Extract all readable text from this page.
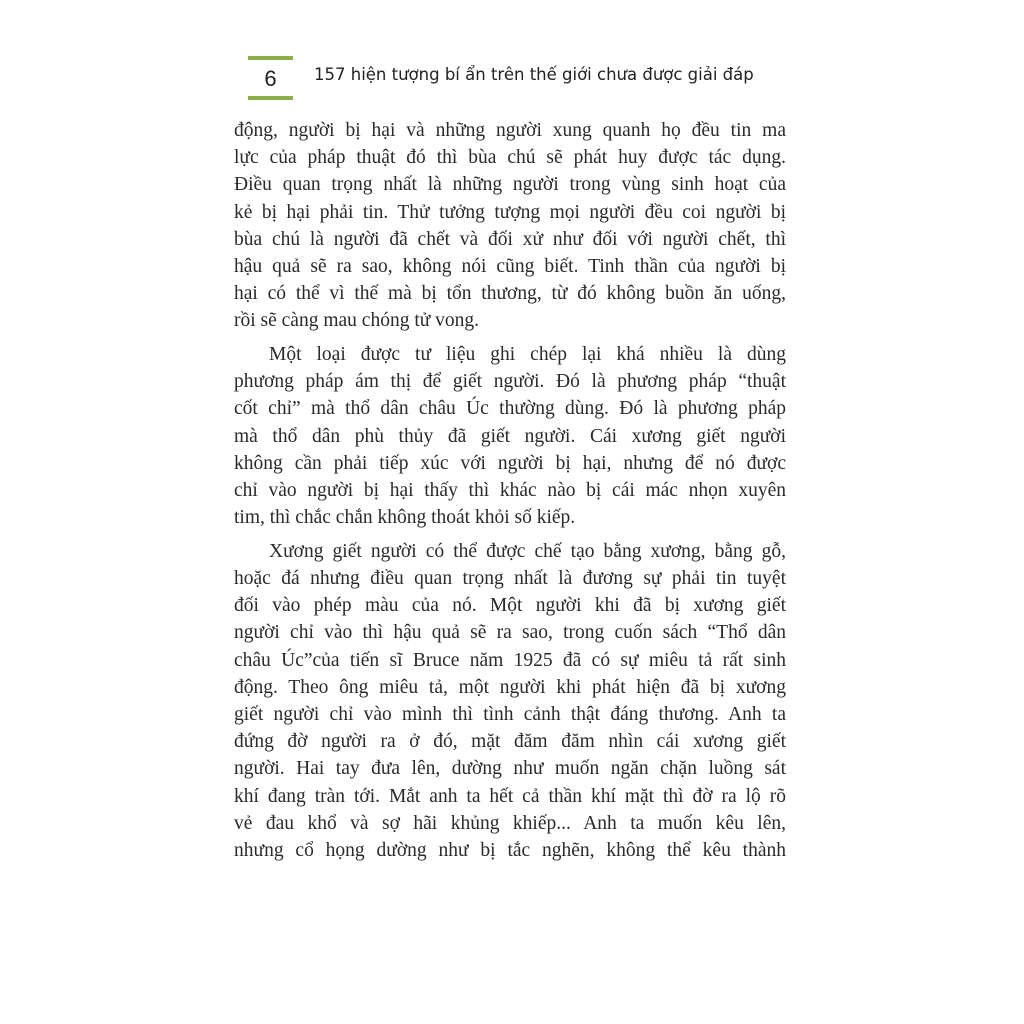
6	157 hiện tượng bí ẩn trên thế giới chưa được giải đáp
động, người bị hại và những người xung quanh họ đều tin ma
lực của pháp thuật đó thì bùa chú sẽ phát huy được tác dụng.
Điều quan trọng nhất là những người trong vùng sinh hoạt của
kẻ bị hại phải tin. Thử tưởng tượng mọi người đều coi người bị
bùa chú là người đã chết và đối xử như đối với người chết, thì
hậu quả sẽ ra sao, không nói cũng biết. Tinh thần của người bị
hại có thể vì thế mà bị tổn thương, từ đó không buồn ăn uống,
rồi sẽ càng mau chóng tử vong.
Một loại được tư liệu ghi chép lại khá nhiều là dùng
phương pháp ám thị để giết người. Đó là phương pháp “thuật
cốt chỉ” mà thổ dân châu Úc thường dùng. Đó là phương pháp
mà thổ dân phù thủy đã giết người. Cái xương giết người
không cần phải tiếp xúc với người bị hại, nhưng để nó được
chỉ vào người bị hại thấy thì khác nào bị cái mác nhọn xuyên
tim, thì chắc chắn không thoát khỏi số kiếp.
Xương giết người có thể được chế tạo bằng xương, bằng gỗ,
hoặc đá nhưng điều quan trọng nhất là đương sự phải tin tuyệt
đối vào phép màu của nó. Một người khi đã bị xương giết
người chỉ vào thì hậu quả sẽ ra sao, trong cuốn sách “Thổ dân
châu Úc”của tiến sĩ Bruce năm 1925 đã có sự miêu tả rất sinh
động. Theo ông miêu tả, một người khi phát hiện đã bị xương
giết người chỉ vào mình thì tình cảnh thật đáng thương. Anh ta
đứng đờ người ra ở đó, mặt đăm đăm nhìn cái xương giết
người. Hai tay đưa lên, dường như muốn ngăn chặn luồng sát
khí đang tràn tới. Mắt anh ta hết cả thần khí mặt thì đờ ra lộ rõ
vẻ đau khổ và sợ hãi khủng khiếp... Anh ta muốn kêu lên,
nhưng cổ họng dường như bị tắc nghẽn, không thể kêu thành
